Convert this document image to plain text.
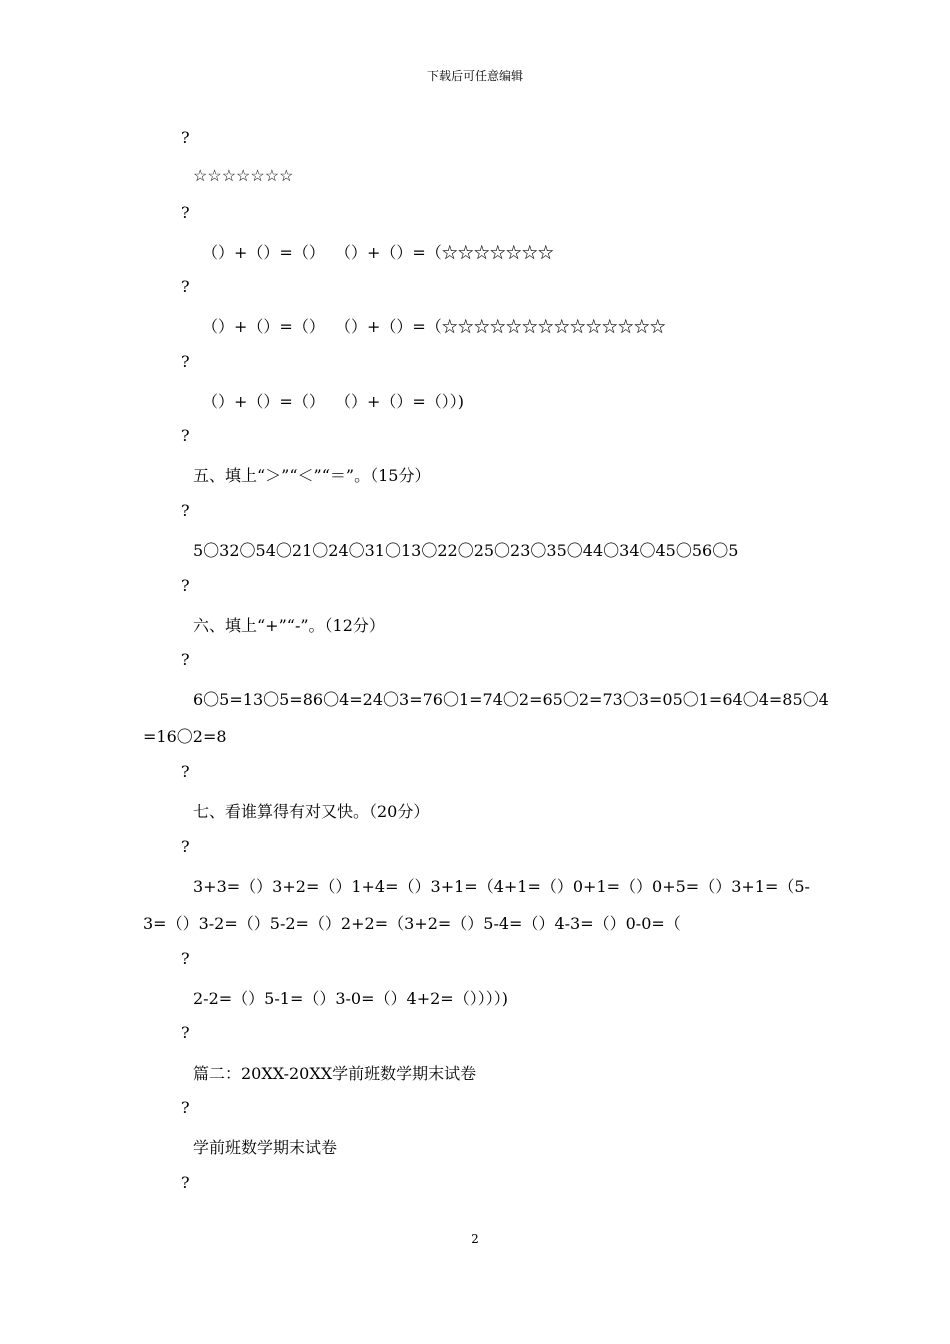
下载后可任意编辑
?
☆☆☆☆☆☆☆
?
（）+（）=（）  （）+（）=（☆☆☆☆☆☆☆
?
（）+（）=（）  （）+（）=（☆☆☆☆☆☆☆☆☆☆☆☆☆☆
?
（）+（）=（）  （）+（）=（））)
?
五、填上“＞”“＜”“＝”。（15分）
?
5〇32〇54〇21〇24〇31〇13〇22〇25〇23〇35〇44〇34〇45〇56〇5
?
六、填上“+”“-”。（12分）
?
6〇5=13〇5=86〇4=24〇3=76〇1=74〇2=65〇2=73〇3=05〇1=64〇4=85〇4
=16〇2=8
?
七、看谁算得有对又快。（20分）
?
3+3=（）3+2=（）1+4=（）3+1=（4+1=（）0+1=（）0+5=（）3+1=（5-
3=（）3-2=（）5-2=（）2+2=（3+2=（）5-4=（）4-3=（）0-0=（
?
2-2=（）5-1=（）3-0=（）4+2=（））））)
?
篇二：20XX-20XX学前班数学期末试卷
?
学前班数学期末试卷
?
2
